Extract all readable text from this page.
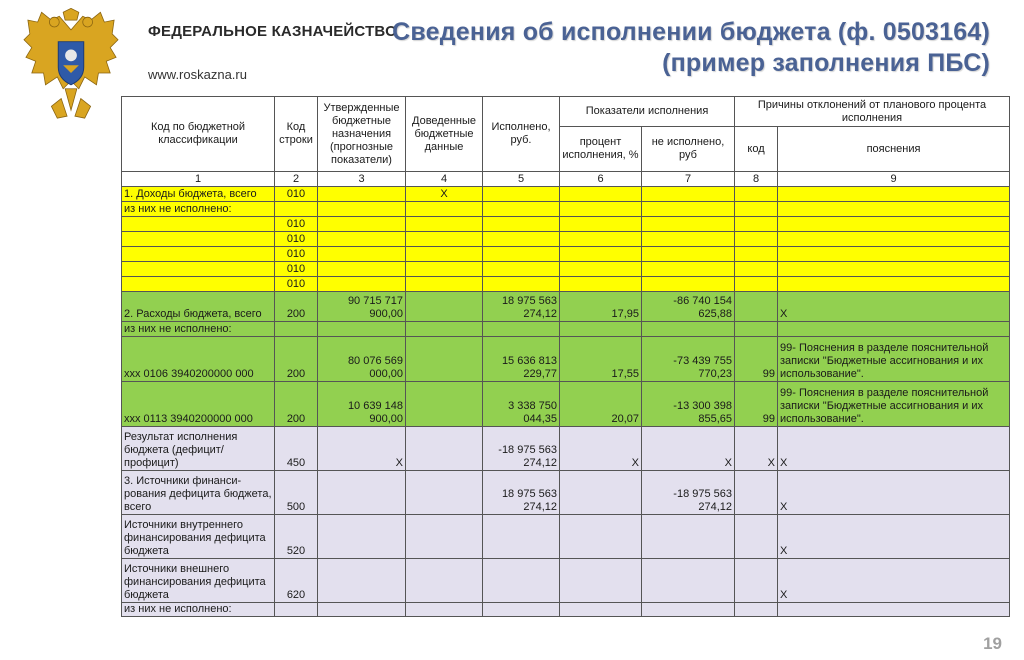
ФЕДЕРАЛЬНОЕ КАЗНАЧЕЙСТВО
www.roskazna.ru
Сведения об исполнении бюджета (ф. 0503164)
(пример заполнения ПБС)
Код по бюджетной классификации	Код строки	Утвержденные бюджетные назначения (прогнозные показатели)	Доведенные бюджетные данные	Исполнено, руб.	Показатели исполнения		Причины отклонений от планового процента исполнения	
					процент исполнения, %	не исполнено, руб	код	пояснения
1	2	3	4	5	6	7	8	9
1. Доходы бюджета, всего	010		X					
из них не исполнено:								
	010							
	010							
	010							
	010							
	010							
2. Расходы бюджета, всего	200	90 715 717 900,00		18 975 563 274,12	17,95	-86 740 154 625,88		X
из них не исполнено:								
xxx 0106 3940200000 000	200	80 076 569 000,00		15 636 813 229,77	17,55	-73 439 755 770,23	99	99- Пояснения в разделе пояснительной записки "Бюджетные ассигнования и их использование".
xxx 0113 3940200000 000	200	10 639 148 900,00		3 338 750 044,35	20,07	-13 300 398 855,65	99	99- Пояснения в разделе пояснительной записки "Бюджетные ассигнования и их использование".
Результат исполнения бюджета (дефицит/профицит)	450	X		-18 975 563 274,12	X	X	X	X
3. Источники финанси-рования дефицита бюджета, всего	500			18 975 563 274,12		-18 975 563 274,12		X
Источники внутреннего финансирования дефицита бюджета	520							X
Источники внешнего финансирования дефицита бюджета	620							X
из них не исполнено:								
19
